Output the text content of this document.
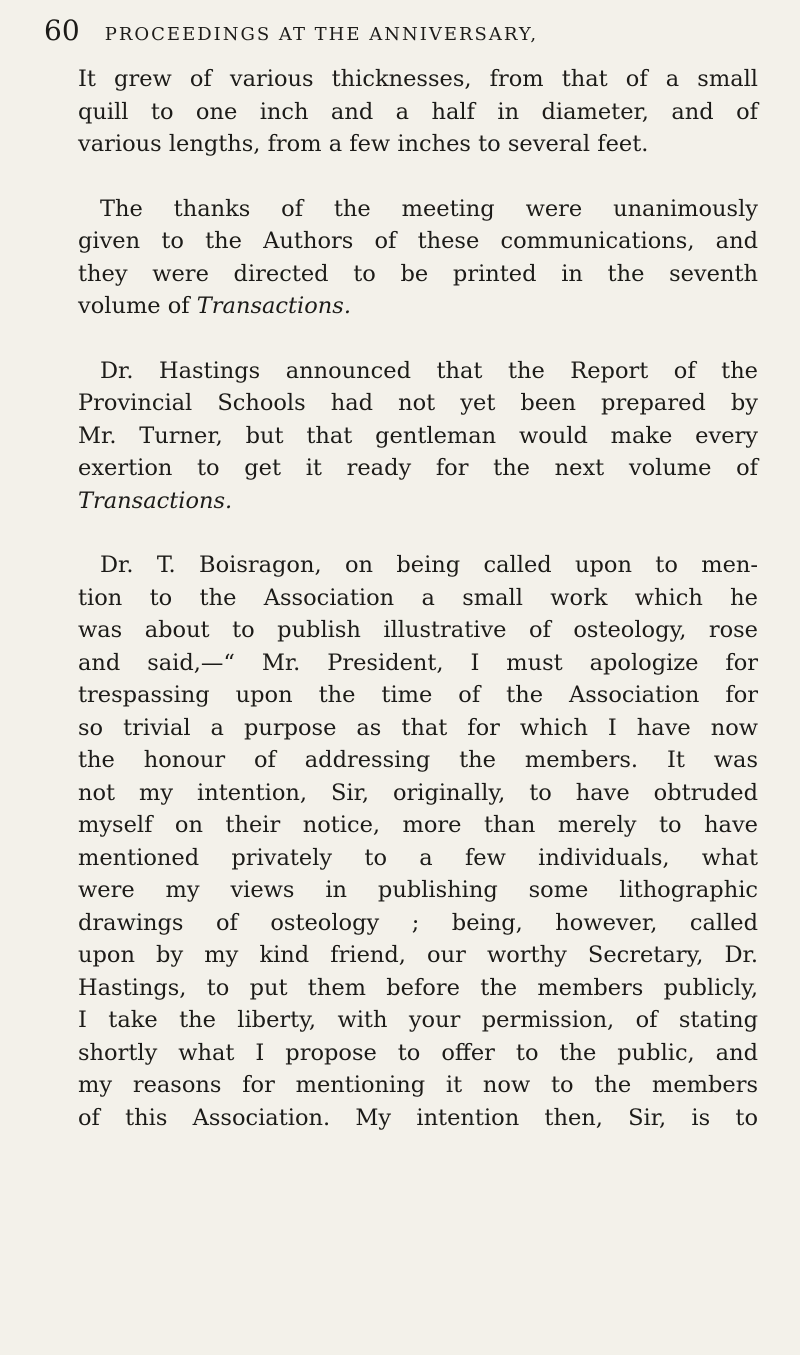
60 PROCEEDINGS AT THE ANNIVERSARY,

It grew of various thicknesses, from that of a small
quill to one inch and a half in diameter, and of
various lengths, from a few inches to several feet.

The thanks of the meeting were unanimously
given to the Authors of these communications, and
they were directed to be printed in the seventh
volume of Transactions.

Dr. Hastings announced that the Report of the
Provincial Schools had not yet been prepared by
Mr. Turner, but that gentleman would make every
exertion to get it ready for the next volume of
Transactions.

Dr. T. Boisragon, on being called upon to men-
tion to the Association a small work which he
was about to publish illustrative of osteology, rose
and said,—“ Mr. President, I must apologize for
trespassing upon the time of the Association for
so trivial a purpose as that for which I have now
the honour of addressing the members. It was
not my intention, Sir, originally, to have obtruded
myself on their notice, more than merely to have
mentioned privately to a few individuals, what
were my views in publishing some lithographic
drawings of osteology ; being, however, called
upon by my kind friend, our worthy Secretary, Dr.
Hastings, to put them before the members publicly,
I take the liberty, with your permission, of stating
shortly what I propose to offer to the public, and
my reasons for mentioning it now to the members
of this Association. My intention then, Sir, is to
